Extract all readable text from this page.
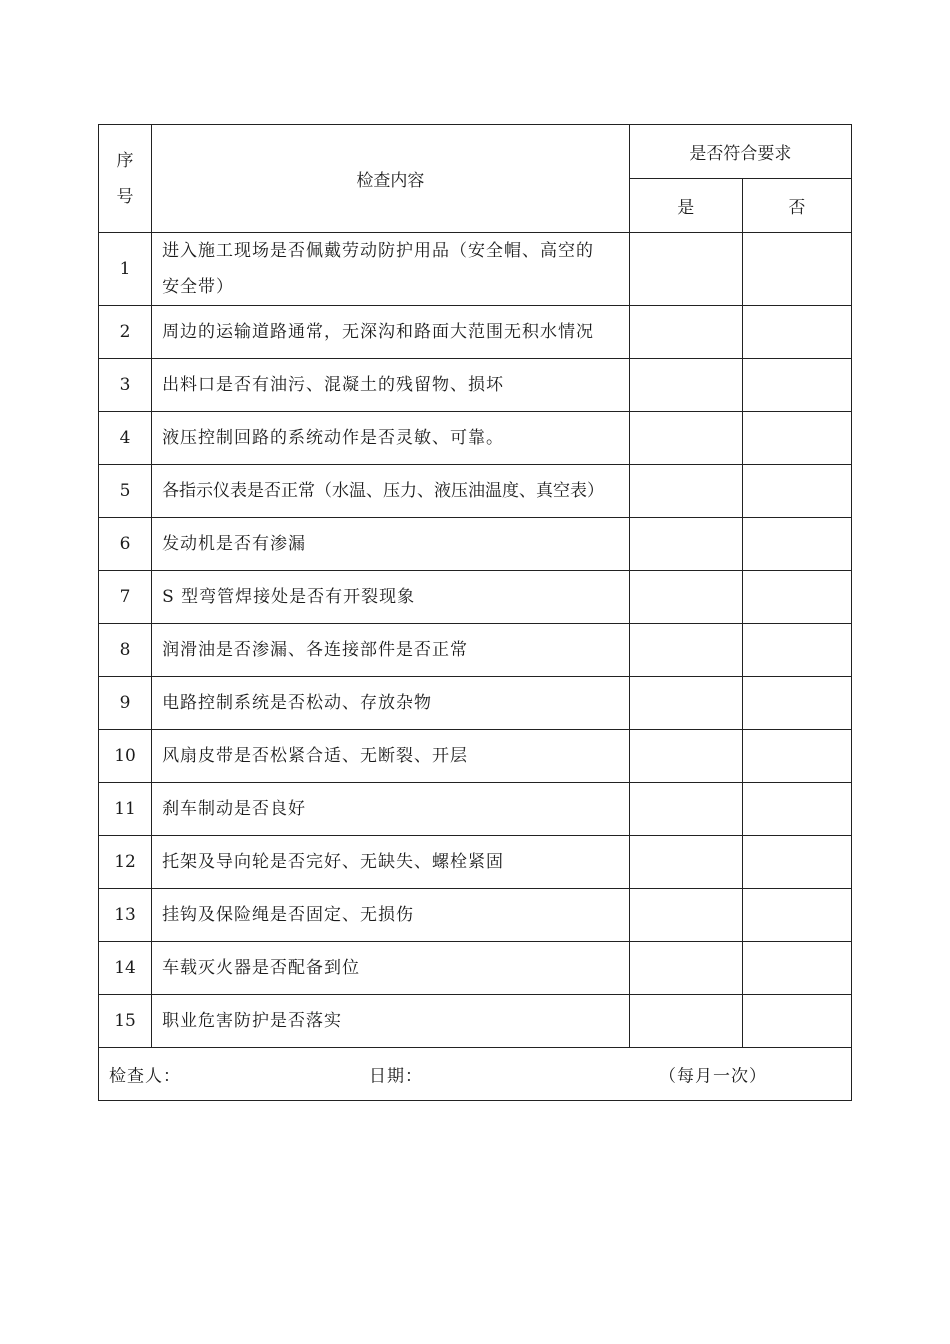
序
号	检查内容	是否符合要求	
		是	否
1	进入施工现场是否佩戴劳动防护用品（安全帽、高空的
安全带）		
2	周边的运输道路通常，无深沟和路面大范围无积水情况		
3	出料口是否有油污、混凝土的残留物、损坏		
4	液压控制回路的系统动作是否灵敏、可靠。		
5	各指示仪表是否正常（水温、压力、液压油温度、真空表）		
6	发动机是否有渗漏		
7	S 型弯管焊接处是否有开裂现象		
8	润滑油是否渗漏、各连接部件是否正常		
9	电路控制系统是否松动、存放杂物		
10	风扇皮带是否松紧合适、无断裂、开层		
11	刹车制动是否良好		
12	托架及导向轮是否完好、无缺失、螺栓紧固		
13	挂钩及保险绳是否固定、无损伤		
14	车载灭火器是否配备到位		
15	职业危害防护是否落实		

检查人： 日期： （每月一次）			
